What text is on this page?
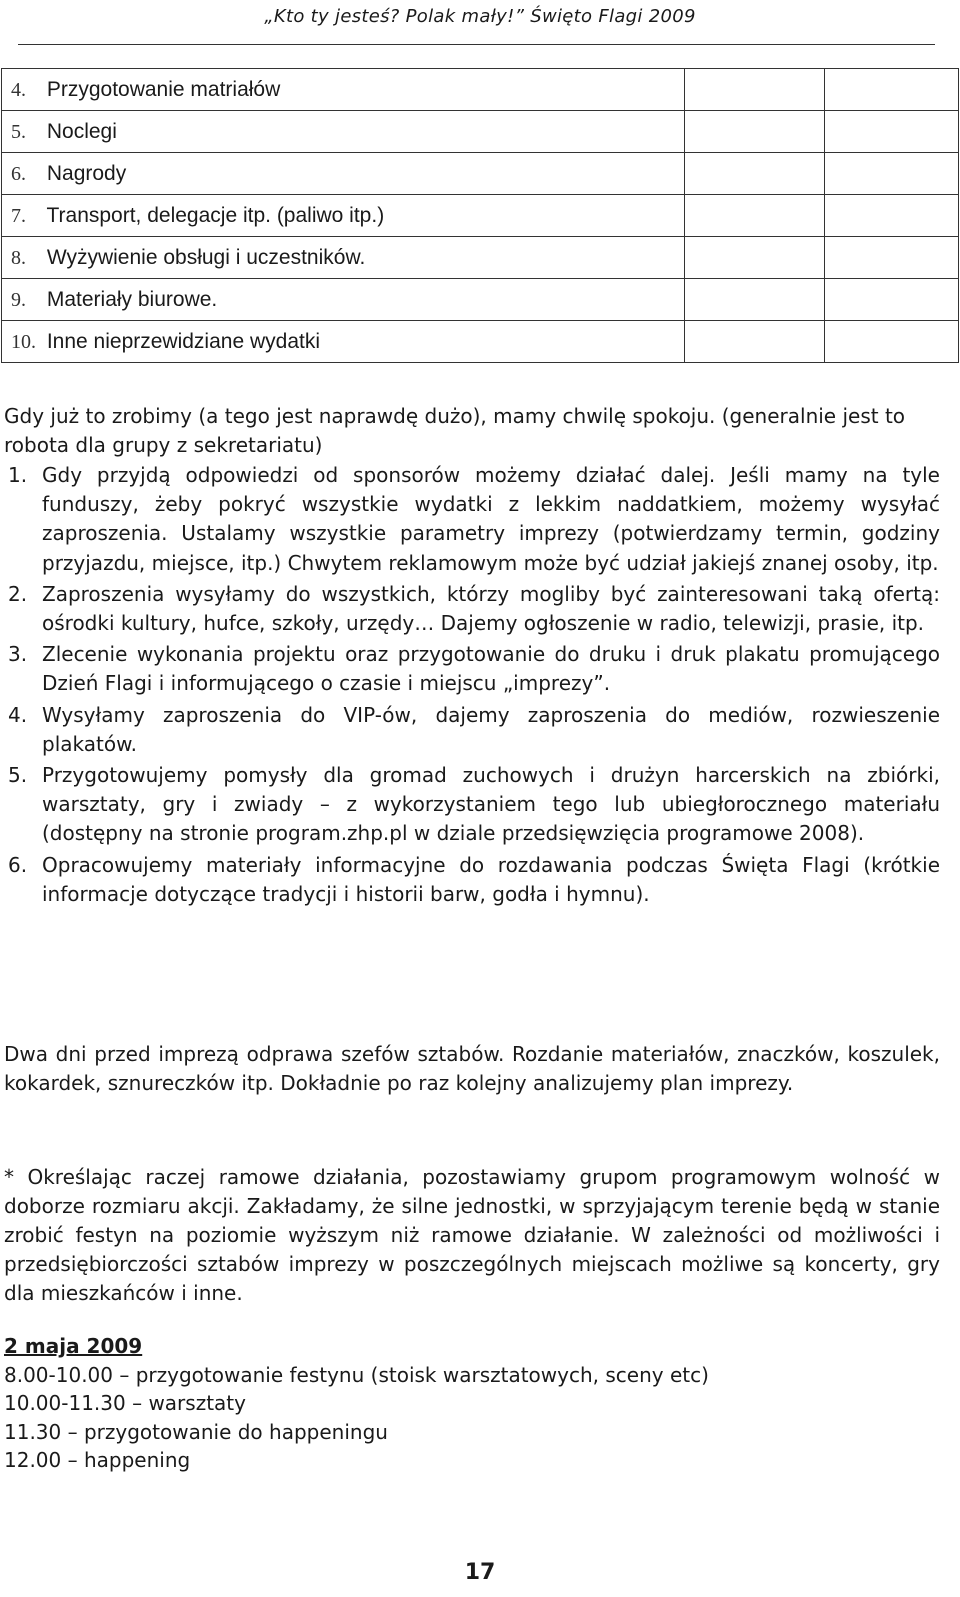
„Kto ty jesteś? Polak mały!” Święto Flagi 2009
4. Przygotowanie matriałów		
5. Noclegi		
6. Nagrody		
7. Transport, delegacje itp. (paliwo itp.)		
8. Wyżywienie obsługi i uczestników.		
9. Materiały biurowe.		
10. Inne nieprzewidziane wydatki		
Gdy już to zrobimy (a tego jest naprawdę dużo), mamy chwilę spokoju. (generalnie jest to robota dla grupy z sekretariatu)
1. Gdy przyjdą odpowiedzi od sponsorów możemy działać dalej. Jeśli mamy na tyle funduszy, żeby pokryć wszystkie wydatki z lekkim naddatkiem, możemy wysyłać zaproszenia. Ustalamy wszystkie parametry imprezy (potwierdzamy termin, godziny przyjazdu, miejsce, itp.) Chwytem reklamowym może być udział jakiejś znanej osoby, itp.
2. Zaproszenia wysyłamy do wszystkich, którzy mogliby być zainteresowani taką ofertą: ośrodki kultury, hufce, szkoły, urzędy… Dajemy ogłoszenie w radio, telewizji, prasie, itp.
3. Zlecenie wykonania projektu oraz przygotowanie do druku i druk plakatu promującego Dzień Flagi i informującego o czasie i miejscu „imprezy”.
4. Wysyłamy zaproszenia do VIP-ów, dajemy zaproszenia do mediów, rozwieszenie plakatów.
5. Przygotowujemy pomysły dla gromad zuchowych i drużyn harcerskich na zbiórki, warsztaty, gry i zwiady – z wykorzystaniem tego lub ubiegłorocznego materiału (dostępny na stronie program.zhp.pl w dziale przedsięwzięcia programowe 2008).
6. Opracowujemy materiały informacyjne do rozdawania podczas Święta Flagi (krótkie informacje dotyczące tradycji i historii barw, godła i hymnu).
Dwa dni przed imprezą odprawa szefów sztabów. Rozdanie materiałów, znaczków, koszulek, kokardek, sznureczków itp. Dokładnie po raz kolejny analizujemy plan imprezy.
* Określając raczej ramowe działania, pozostawiamy grupom programowym wolność w doborze rozmiaru akcji. Zakładamy, że silne jednostki, w sprzyjającym terenie będą w stanie zrobić festyn na poziomie wyższym niż ramowe działanie. W zależności od możliwości i przedsiębiorczości sztabów imprezy w poszczególnych miejscach możliwe są koncerty, gry dla mieszkańców i inne.
2 maja 2009
8.00-10.00 – przygotowanie festynu (stoisk warsztatowych, sceny etc)
10.00-11.30 – warsztaty
11.30 – przygotowanie do happeningu
12.00 – happening
17
